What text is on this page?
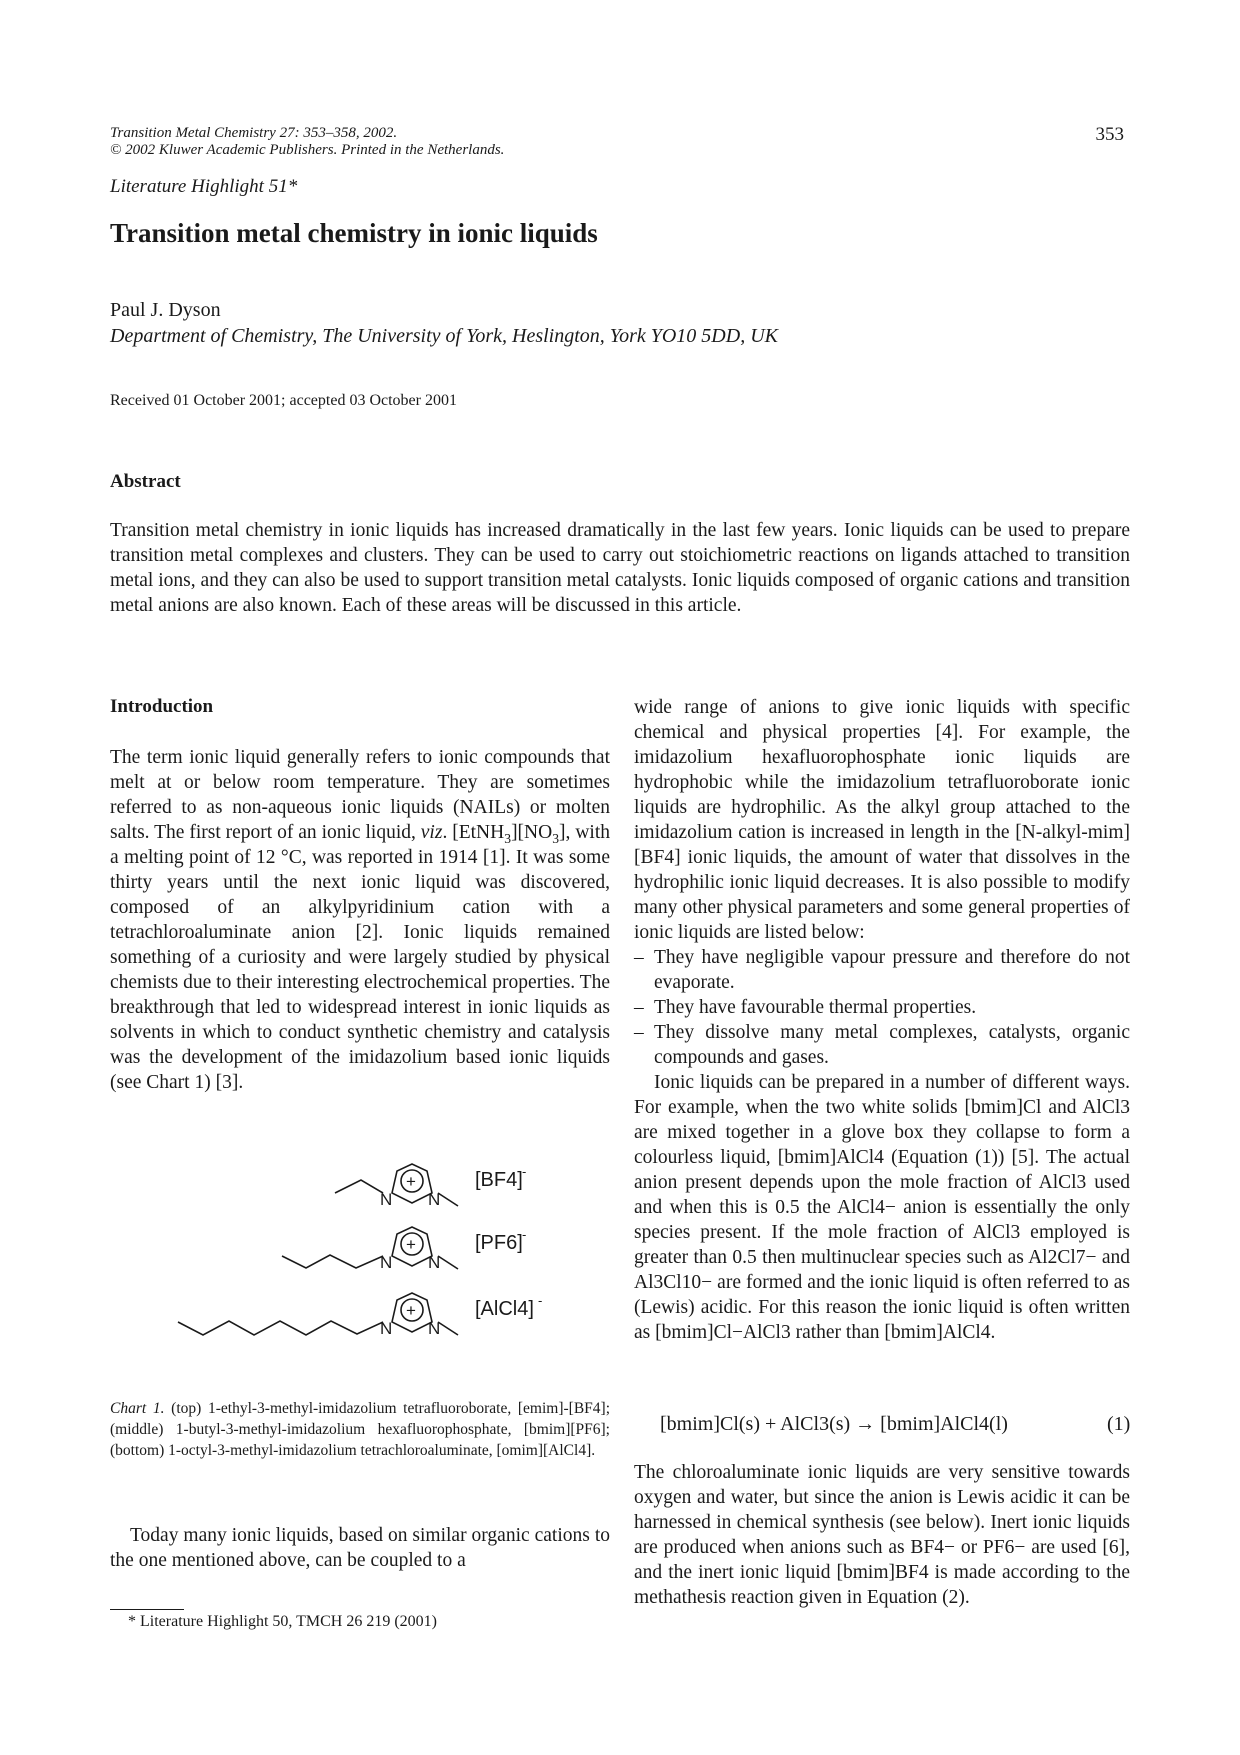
Transition Metal Chemistry 27: 353–358, 2002.
© 2002 Kluwer Academic Publishers. Printed in the Netherlands.
353
Literature Highlight 51*
Transition metal chemistry in ionic liquids
Paul J. Dyson
Department of Chemistry, The University of York, Heslington, York YO10 5DD, UK
Received 01 October 2001; accepted 03 October 2001
Abstract

Transition metal chemistry in ionic liquids has increased dramatically in the last few years. Ionic liquids can be used to prepare transition metal complexes and clusters. They can be used to carry out stoichiometric reactions on ligands attached to transition metal ions, and they can also be used to support transition metal catalysts. Ionic liquids composed of organic cations and transition metal anions are also known. Each of these areas will be discussed in this article.

Introduction

The term ionic liquid generally refers to ionic compounds that melt at or below room temperature. They are sometimes referred to as non-aqueous ionic liquids (NAILs) or molten salts. The first report of an ionic liquid, viz. $[EtNH_3][NO_3]$, with a melting point of 12 °C, was reported in 1914 [1]. It was some thirty years until the next ionic liquid was discovered, composed of an alkylpyridinium cation with a tetrachloroaluminate anion [2]. Ionic liquids remained something of a curiosity and were largely studied by physical chemists due to their interesting electrochemical properties. The breakthrough that led to widespread interest in ionic liquids as solvents in which to conduct synthetic chemistry and catalysis was the development of the imidazolium based ionic liquids (see Chart 1) [3].

N N
N N
N N
+
+
+
[BF4] -
[PF6] -
[AlCl4] -

Chart 1. (top) 1-ethyl-3-methyl-imidazolium tetrafluoroborate, [emim]-[BF4]; (middle) 1-butyl-3-methyl-imidazolium hexafluorophosphate, [bmim][PF6]; (bottom) 1-octyl-3-methyl-imidazolium tetrachloroaluminate, [omim][AlCl4].

Today many ionic liquids, based on similar organic cations to the one mentioned above, can be coupled to a

* Literature Highlight 50, TMCH 26 219 (2001)

wide range of anions to give ionic liquids with specific chemical and physical properties [4]. For example, the imidazolium hexafluorophosphate ionic liquids are hydrophobic while the imidazolium tetrafluoroborate ionic liquids are hydrophilic. As the alkyl group attached to the imidazolium cation is increased in length in the [N-alkyl-mim][BF4] ionic liquids, the amount of water that dissolves in the hydrophilic ionic liquid decreases. It is also possible to modify many other physical parameters and some general properties of ionic liquids are listed below:

– They have negligible vapour pressure and therefore do not evaporate.
– They have favourable thermal properties.
– They dissolve many metal complexes, catalysts, organic compounds and gases.

Ionic liquids can be prepared in a number of different ways. For example, when the two white solids [bmim]Cl and AlCl3 are mixed together in a glove box they collapse to form a colourless liquid, [bmim]AlCl4 (Equation (1)) [5]. The actual anion present depends upon the mole fraction of AlCl3 used and when this is 0.5 the AlCl4− anion is essentially the only species present. If the mole fraction of AlCl3 employed is greater than 0.5 then multinuclear species such as Al2Cl7− and Al3Cl10− are formed and the ionic liquid is often referred to as (Lewis) acidic. For this reason the ionic liquid is often written as [bmim]Cl−AlCl3 rather than [bmim]AlCl4.

[bmim]Cl(s) + AlCl3(s) → [bmim]AlCl4(l)	(1)

The chloroaluminate ionic liquids are very sensitive towards oxygen and water, but since the anion is Lewis acidic it can be harnessed in chemical synthesis (see below). Inert ionic liquids are produced when anions such as BF4− or PF6− are used [6], and the inert ionic liquid [bmim]BF4 is made according to the methathesis reaction given in Equation (2).
